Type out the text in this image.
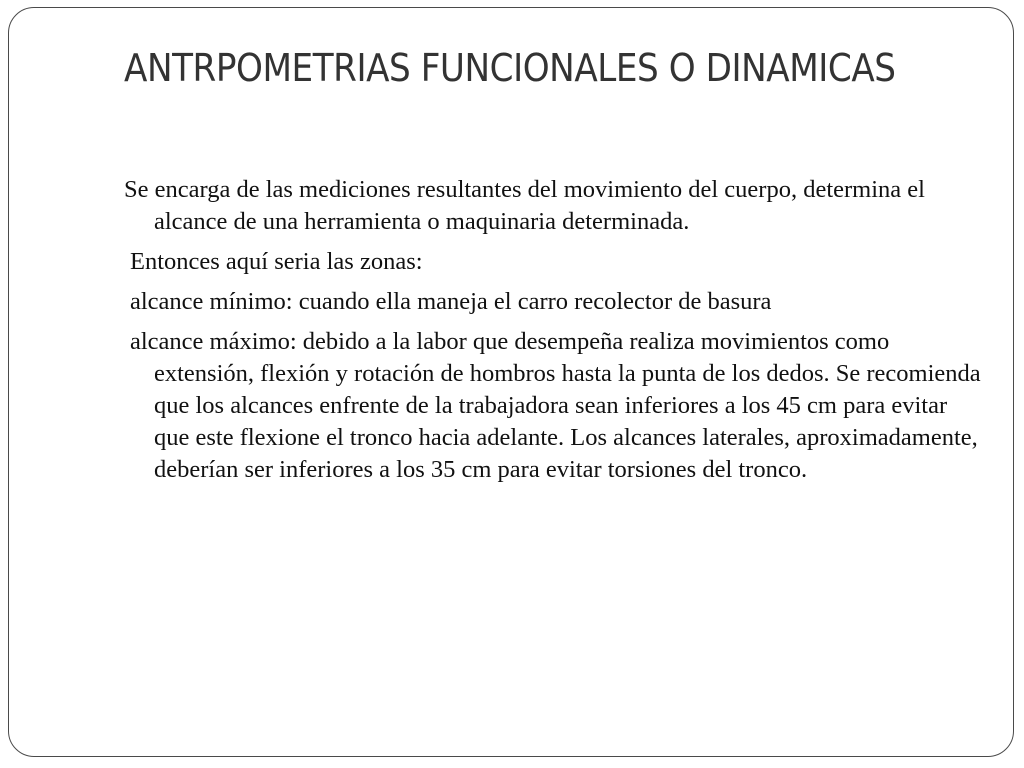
ANTRPOMETRIAS FUNCIONALES O DINAMICAS
Se encarga de las mediciones resultantes del movimiento del cuerpo, determina el alcance de una herramienta o maquinaria determinada.
Entonces aquí seria las zonas:
alcance mínimo: cuando ella maneja el carro recolector de basura
alcance máximo: debido a la labor que desempeña realiza movimientos como extensión, flexión y rotación de hombros hasta la punta de los dedos. Se recomienda que los alcances enfrente de la trabajadora sean inferiores a los 45 cm para evitar que este flexione el tronco hacia adelante. Los alcances laterales, aproximadamente, deberían ser inferiores a los 35 cm para evitar torsiones del tronco.
